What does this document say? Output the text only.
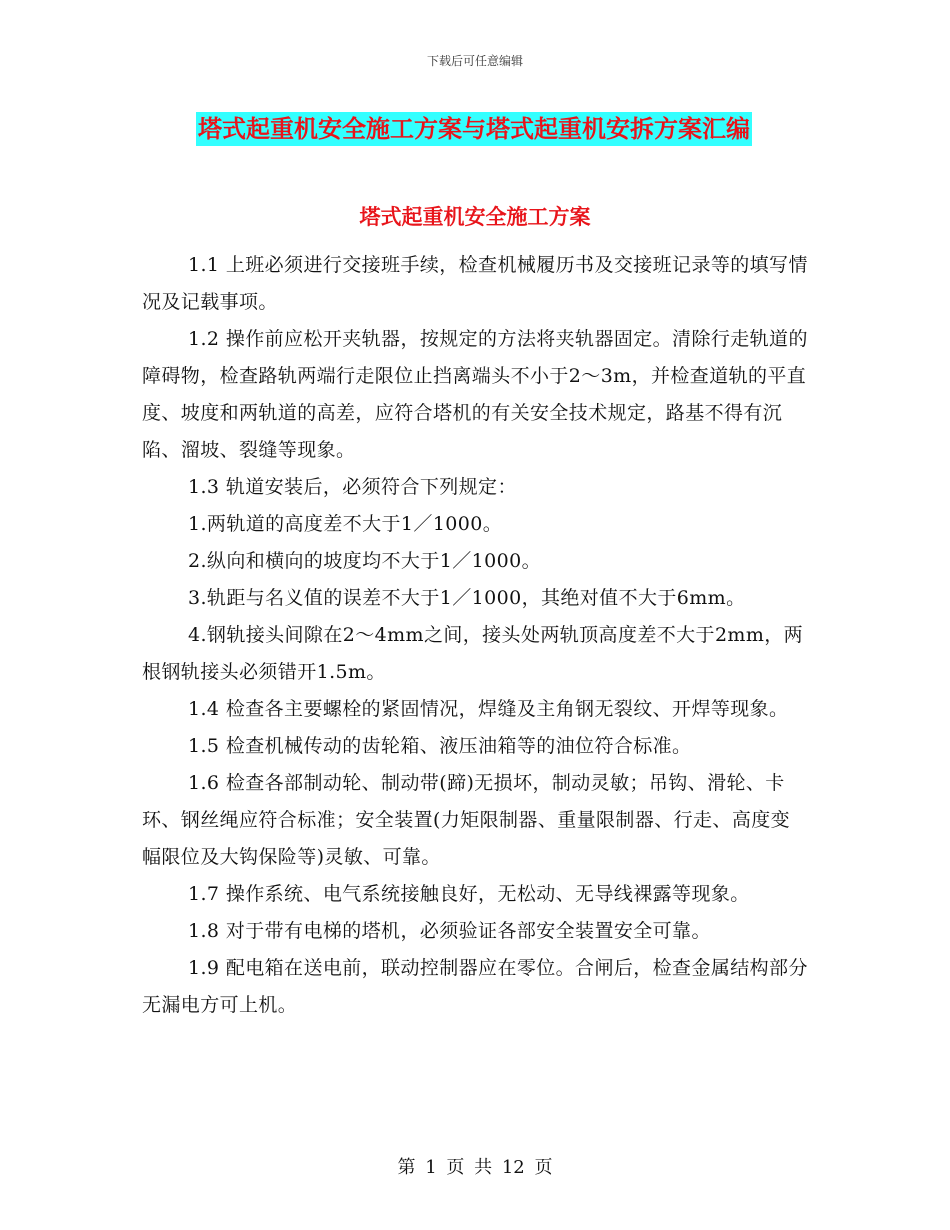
下载后可任意编辑
塔式起重机安全施工方案与塔式起重机安拆方案汇编
塔式起重机安全施工方案

1.1 上班必须进行交接班手续，检查机械履历书及交接班记录等的填写情况及记载事项。

1.2 操作前应松开夹轨器，按规定的方法将夹轨器固定。清除行走轨道的障碍物，检查路轨两端行走限位止挡离端头不小于2～3m，并检查道轨的平直度、坡度和两轨道的高差，应符合塔机的有关安全技术规定，路基不得有沉陷、溜坡、裂缝等现象。

1.3 轨道安装后，必须符合下列规定：

1.两轨道的高度差不大于1／1000。

2.纵向和横向的坡度均不大于1／1000。

3.轨距与名义值的误差不大于1／1000，其绝对值不大于6mm。

4.钢轨接头间隙在2～4mm之间，接头处两轨顶高度差不大于2mm，两根钢轨接头必须错开1.5m。

1.4 检查各主要螺栓的紧固情况，焊缝及主角钢无裂纹、开焊等现象。

1.5 检查机械传动的齿轮箱、液压油箱等的油位符合标准。

1.6 检查各部制动轮、制动带(蹄)无损坏，制动灵敏；吊钩、滑轮、卡环、钢丝绳应符合标准；安全装置(力矩限制器、重量限制器、行走、高度变幅限位及大钩保险等)灵敏、可靠。

1.7 操作系统、电气系统接触良好，无松动、无导线裸露等现象。

1.8 对于带有电梯的塔机，必须验证各部安全装置安全可靠。

1.9 配电箱在送电前，联动控制器应在零位。合闸后，检查金属结构部分无漏电方可上机。

第 1 页 共 12 页
